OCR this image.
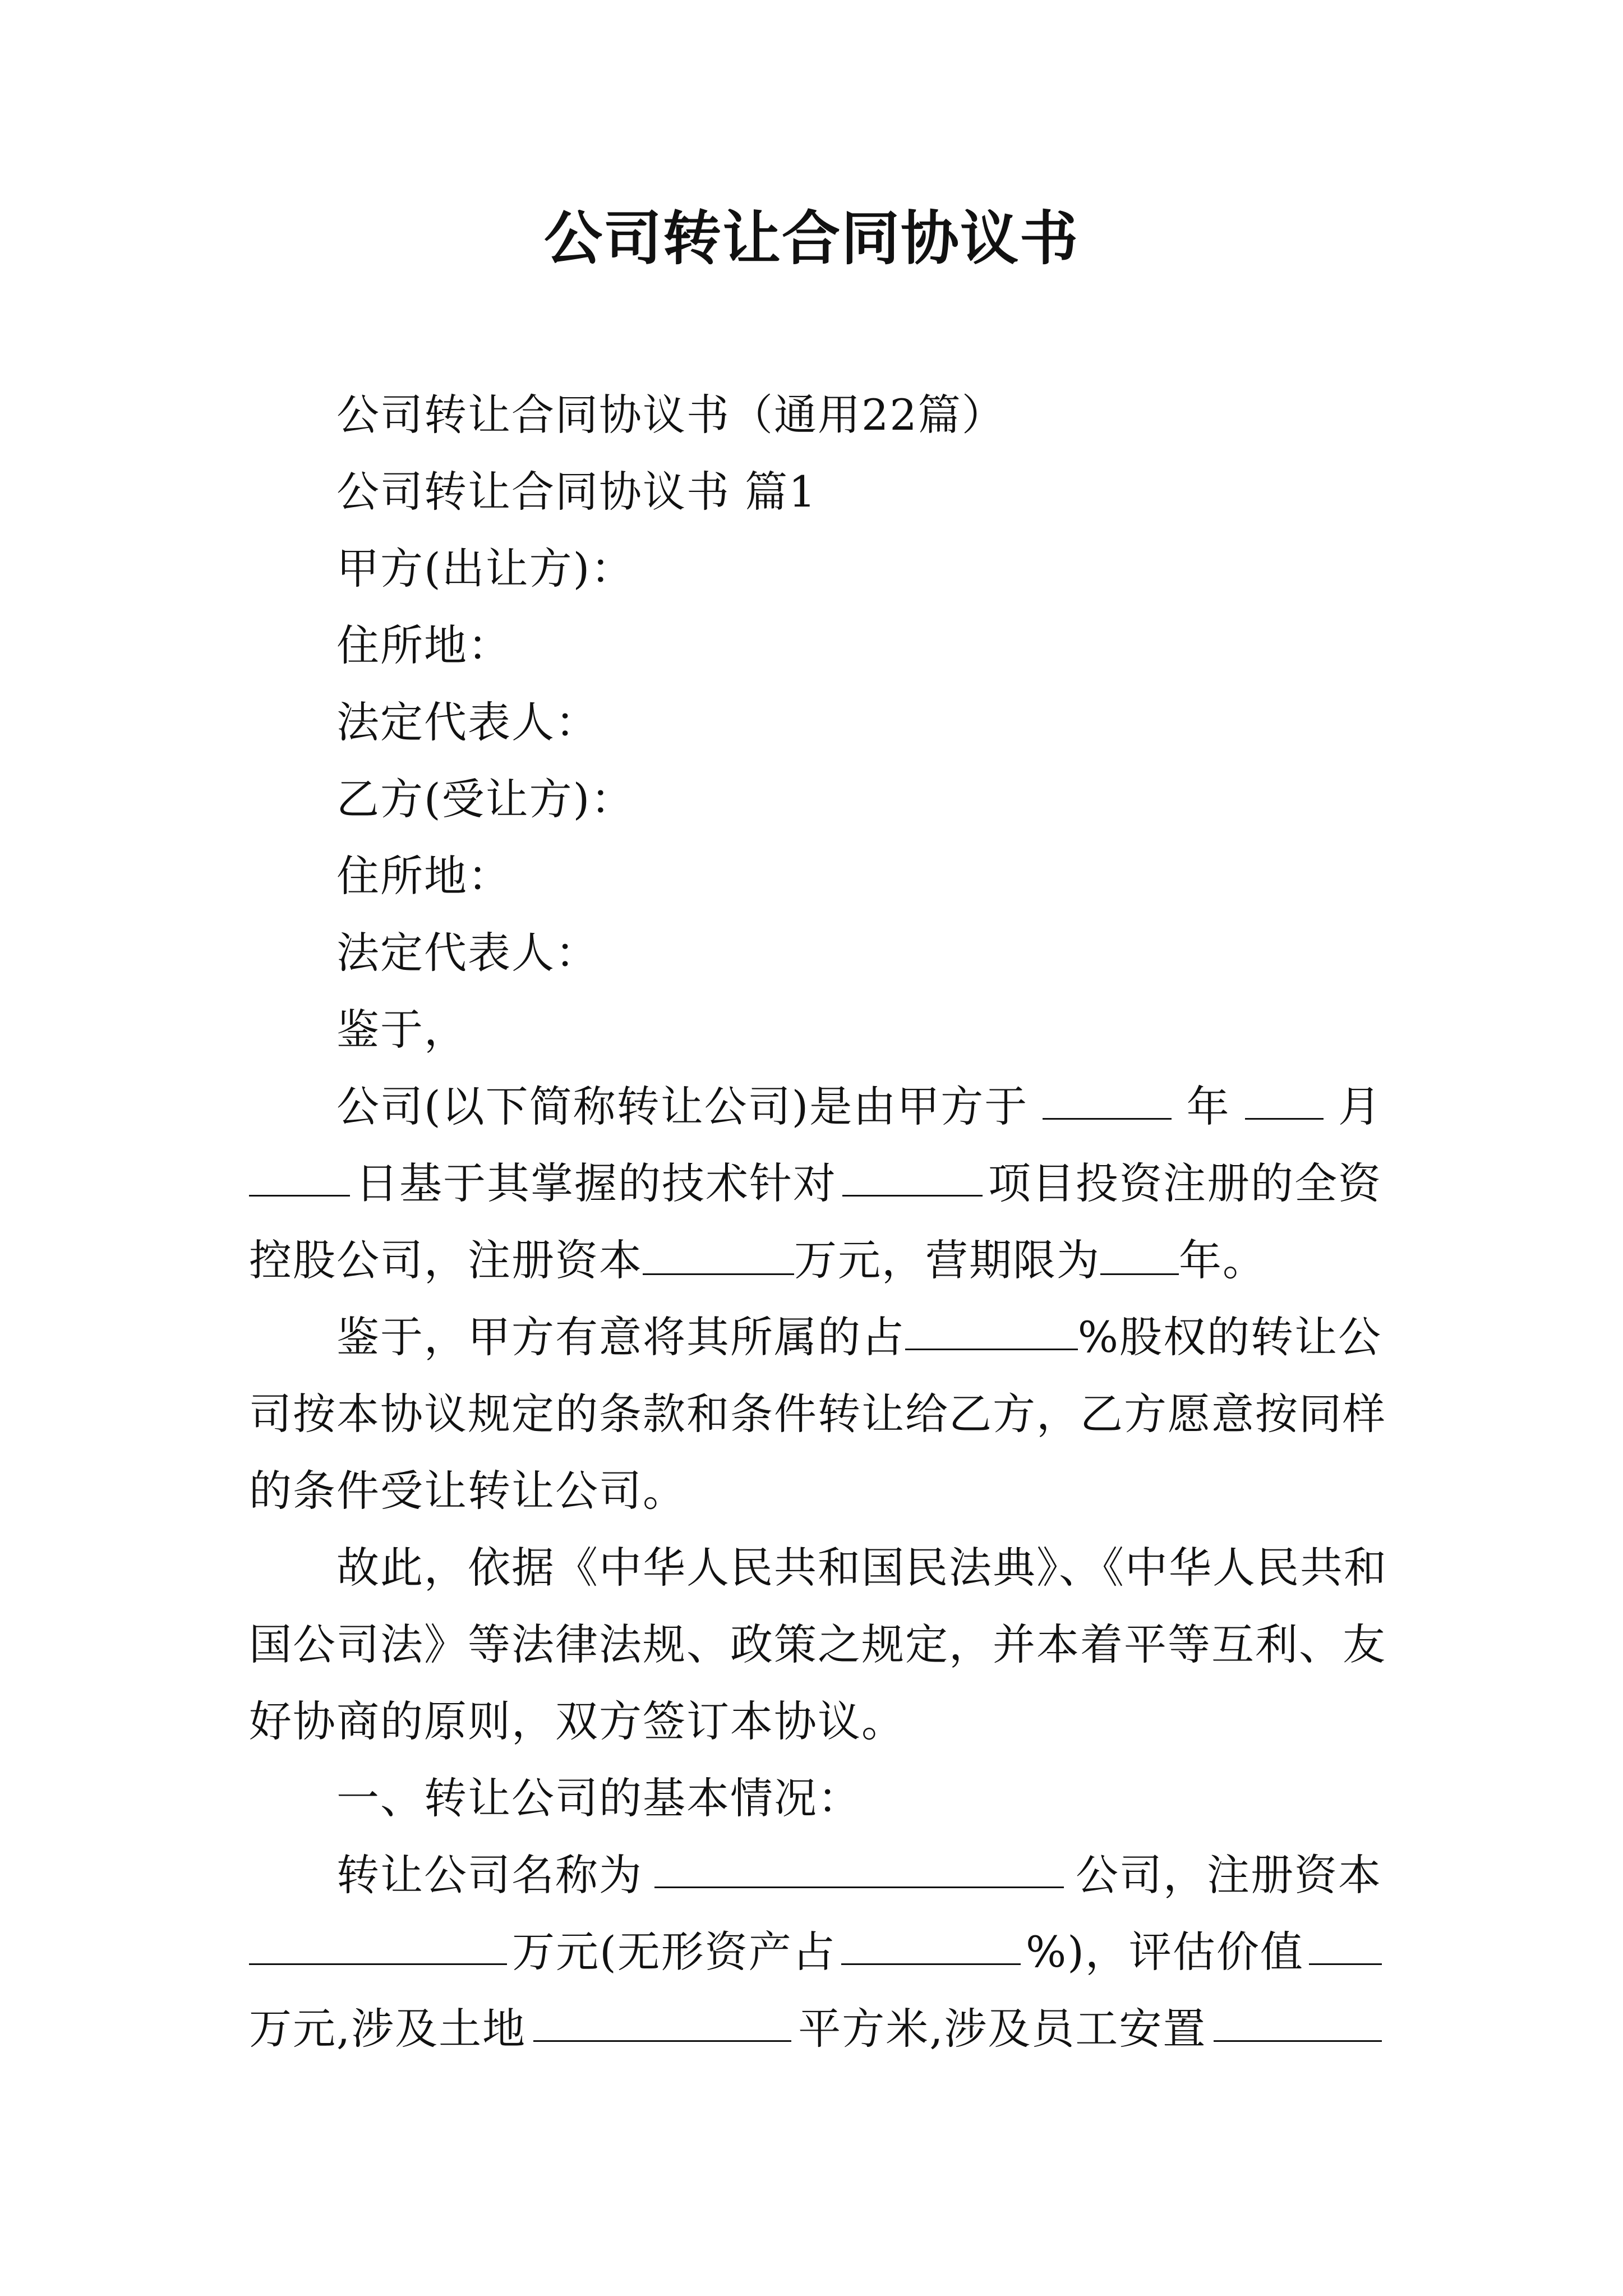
公司转让合同协议书
公司转让合同协议书（通用22篇）
公司转让合同协议书 篇1
甲方(出让方)：
住所地：
法定代表人：
乙方(受让方)：
住所地：
法定代表人：
鉴于，
公司(以下简称转让公司)是由甲方于	年	月
日基于其掌握的技术针对	项目投资注册的全资
控股公司，注册资本	万元，营期限为 年。
鉴于，甲方有意将其所属的占	%股权的转让公
司按本协议规定的条款和条件转让给乙方，乙方愿意按同样
的条件受让转让公司。
故此，依据《中华人民共和国民法典》、《中华人民共和
国公司法》等法律法规、政策之规定，并本着平等互利、友
好协商的原则，双方签订本协议。
一、转让公司的基本情况：
转让公司名称为	公司，注册资本
万元(无形资产占	%)，评估价值
万元,涉及土地	平方米,涉及员工安置
